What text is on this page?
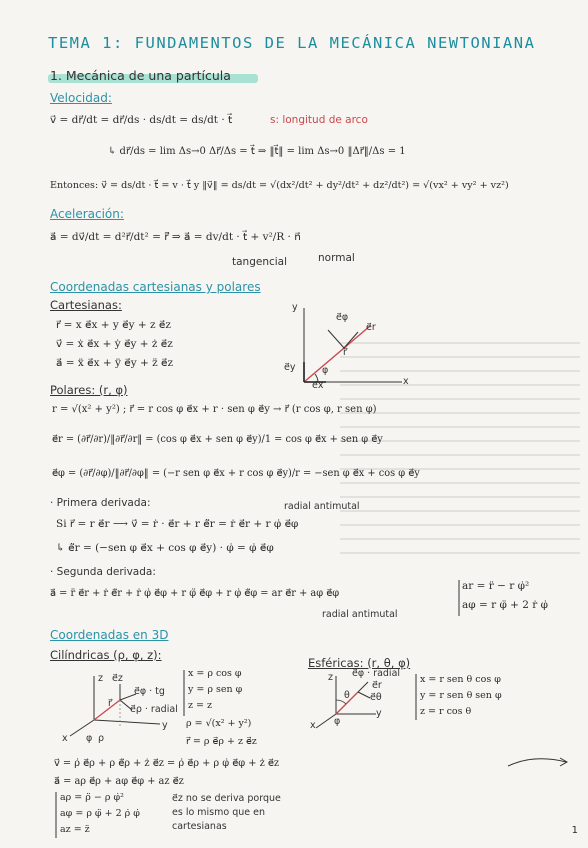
TEMA 1: FUNDAMENTOS DE LA MECÁNICA NEWTONIANA
1. Mecánica de una partícula
Velocidad:
v⃗ = dr⃗/dt = dr⃗/ds · ds/dt = ds/dt · t⃗	s: longitud de arco
↳ dr⃗/ds = lim Δs→0 Δr⃗/Δs = t⃗ ⇒ ‖t⃗‖ = lim Δs→0 ‖Δr⃗‖/Δs = 1
Entonces: v⃗ = ds/dt · t⃗ = v · t⃗ y ‖v⃗‖ = ds/dt = √(dx²/dt² + dy²/dt² + dz²/dt²) = √(vx² + vy² + vz²)
Aceleración:
a⃗ = dv⃗/dt = d²r⃗/dt² = r̈⃗ ⇒ a⃗ = dv/dt · t⃗ + v²/R · n⃗
tangencial	normal
Coordenadas cartesianas y polares
Cartesianas:
r⃗ = x e⃗x + y e⃗y + z e⃗z
v⃗ = ẋ e⃗x + ẏ e⃗y + ż e⃗z
a⃗ = ẍ e⃗x + ÿ e⃗y + z̈ e⃗z
e⃗φ
e⃗r
e⃗y
e⃗x
r⃗
φ
x
y
Polares: (r, φ)
r = √(x² + y²) ; r⃗ = r cos φ e⃗x + r · sen φ e⃗y → r⃗ (r cos φ, r sen φ)
e⃗r = (∂r⃗/∂r)/‖∂r⃗/∂r‖ = (cos φ e⃗x + sen φ e⃗y)/1 = cos φ e⃗x + sen φ e⃗y
e⃗φ = (∂r⃗/∂φ)/‖∂r⃗/∂φ‖ = (−r sen φ e⃗x + r cos φ e⃗y)/r = −sen φ e⃗x + cos φ e⃗y
· Primera derivada:	radial antimutal
Si r⃗ = r e⃗r ⟶ v⃗ = ṙ · e⃗r + r ė⃗r = ṙ e⃗r + r φ̇ e⃗φ
↳ ė⃗r = (−sen φ e⃗x + cos φ e⃗y) · φ̇ = φ̇ e⃗φ
· Segunda derivada:
a⃗ = r̈ e⃗r + ṙ ė⃗r + ṙ φ̇ e⃗φ + r φ̈ e⃗φ + r φ̇ ė⃗φ = ar e⃗r + aφ e⃗φ
radial antimutal
ar = r̈ − r φ̇²
aφ = r φ̈ + 2 ṙ φ̇
Coordenadas en 3D
Cilíndricas (ρ, φ, z):
Esféricas: (r, θ, φ)
z e⃗z
e⃗φ · tg
e⃗ρ · radial
r⃗
x φ ρ
y
x = ρ cos φ
y = ρ sen φ
z = z
ρ = √(x² + y²)
r⃗ = ρ e⃗ρ + z e⃗z
e⃗φ · radial
e⃗r
e⃗θ
z
x
y
φ
θ
x = r sen θ cos φ
y = r sen θ sen φ
z = r cos θ
v⃗ = ρ̇ e⃗ρ + ρ ė⃗ρ + ż e⃗z = ρ̇ e⃗ρ + ρ φ̇ e⃗φ + ż e⃗z
a⃗ = aρ e⃗ρ + aφ e⃗φ + az e⃗z
aρ = ρ̈ − ρ φ̇²
aφ = ρ φ̈ + 2 ρ̇ φ̇
az = z̈
e⃗z no se deriva porque
es lo mismo que en
cartesianas	1
